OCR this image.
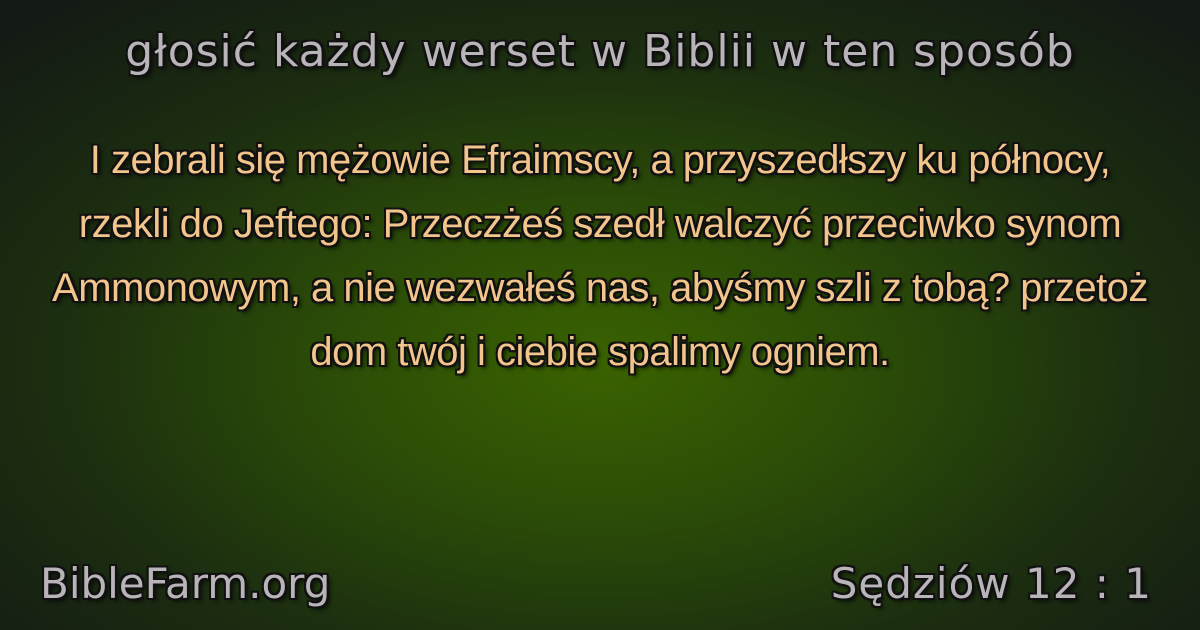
głosić każdy werset w Biblii w ten sposób
I zebrali się mężowie Efraimscy, a przyszedłszy ku północy, rzekli do Jeftego: Przeczżeś szedł walczyć przeciwko synom Ammonowym, a nie wezwałeś nas, abyśmy szli z tobą? przetoż dom twój i ciebie spalimy ogniem.
BibleFarm.org	Sędziów 12 : 1
